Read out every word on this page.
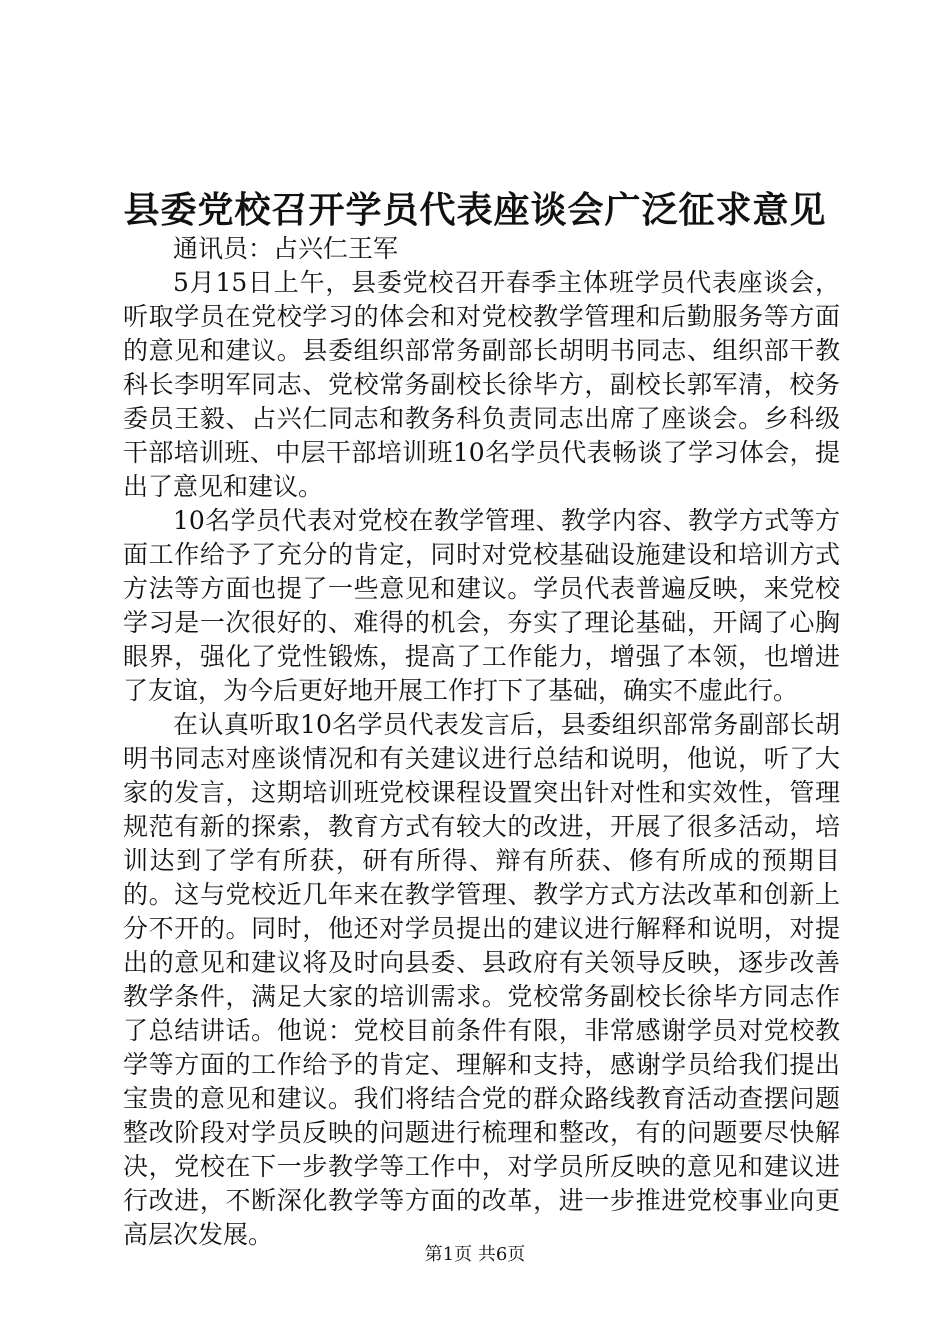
县委党校召开学员代表座谈会广泛征求意见

通讯员：占兴仁王军

5月15日上午，县委党校召开春季主体班学员代表座谈会，听取学员在党校学习的体会和对党校教学管理和后勤服务等方面的意见和建议。县委组织部常务副部长胡明书同志、组织部干教科长李明军同志、党校常务副校长徐毕方，副校长郭军清，校务委员王毅、占兴仁同志和教务科负责同志出席了座谈会。乡科级干部培训班、中层干部培训班10名学员代表畅谈了学习体会，提出了意见和建议。

10名学员代表对党校在教学管理、教学内容、教学方式等方面工作给予了充分的肯定，同时对党校基础设施建设和培训方式方法等方面也提了一些意见和建议。学员代表普遍反映，来党校学习是一次很好的、难得的机会，夯实了理论基础，开阔了心胸眼界，强化了党性锻炼，提高了工作能力，增强了本领，也增进了友谊，为今后更好地开展工作打下了基础，确实不虚此行。

在认真听取10名学员代表发言后，县委组织部常务副部长胡明书同志对座谈情况和有关建议进行总结和说明，他说，听了大家的发言，这期培训班党校课程设置突出针对性和实效性，管理规范有新的探索，教育方式有较大的改进，开展了很多活动，培训达到了学有所获，研有所得、辩有所获、修有所成的预期目的。这与党校近几年来在教学管理、教学方式方法改革和创新上分不开的。同时，他还对学员提出的建议进行解释和说明，对提出的意见和建议将及时向县委、县政府有关领导反映，逐步改善教学条件，满足大家的培训需求。党校常务副校长徐毕方同志作了总结讲话。他说：党校目前条件有限，非常感谢学员对党校教学等方面的工作给予的肯定、理解和支持，感谢学员给我们提出宝贵的意见和建议。我们将结合党的群众路线教育活动查摆问题整改阶段对学员反映的问题进行梳理和整改，有的问题要尽快解决，党校在下一步教学等工作中，对学员所反映的意见和建议进行改进，不断深化教学等方面的改革，进一步推进党校事业向更高层次发展。

第1页 共6页
